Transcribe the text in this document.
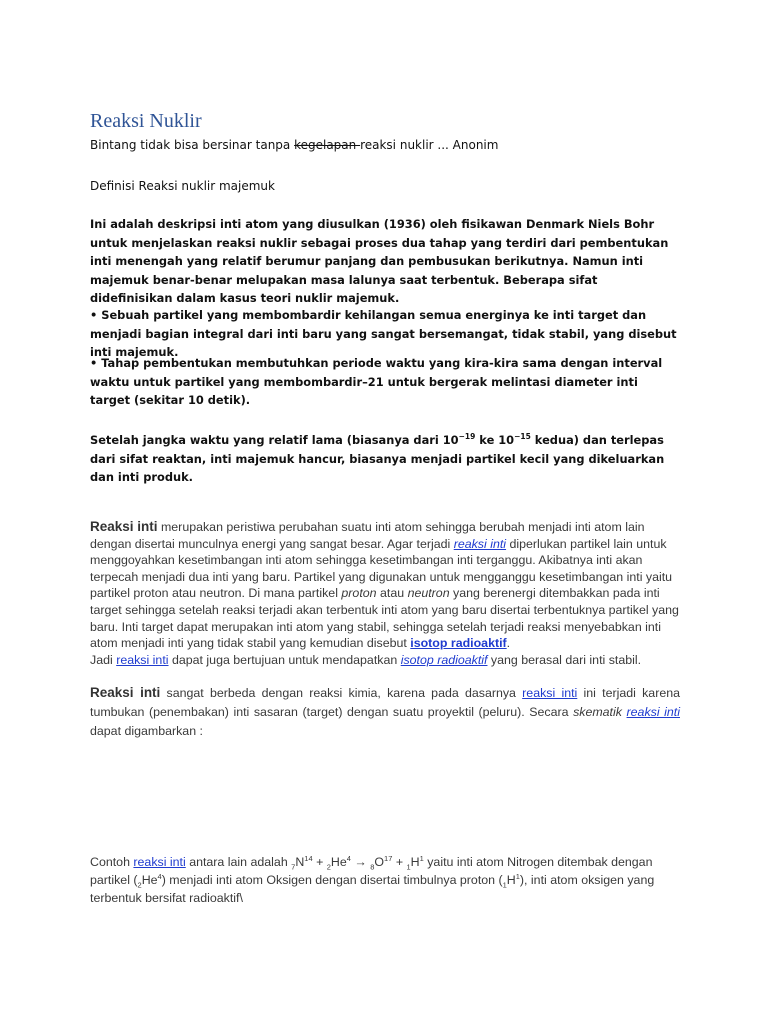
Reaksi Nuklir

Bintang tidak bisa bersinar tanpa kegelapan reaksi nuklir ... Anonim

Definisi Reaksi nuklir majemuk

Ini adalah deskripsi inti atom yang diusulkan (1936) oleh fisikawan Denmark Niels Bohr untuk menjelaskan reaksi nuklir sebagai proses dua tahap yang terdiri dari pembentukan inti menengah yang relatif berumur panjang dan pembusukan berikutnya. Namun inti majemuk benar-benar melupakan masa lalunya saat terbentuk. Beberapa sifat didefinisikan dalam kasus teori nuklir majemuk.

• Sebuah partikel yang membombardir kehilangan semua energinya ke inti target dan menjadi bagian integral dari inti baru yang sangat bersemangat, tidak stabil, yang disebut inti majemuk.

• Tahap pembentukan membutuhkan periode waktu yang kira-kira sama dengan interval waktu untuk partikel yang membombardir–21 untuk bergerak melintasi diameter inti target (sekitar 10 detik).

Setelah jangka waktu yang relatif lama (biasanya dari $10^{-19}$ ke $10^{-15}$ kedua) dan terlepas dari sifat reaktan, inti majemuk hancur, biasanya menjadi partikel kecil yang dikeluarkan dan inti produk.

Reaksi inti merupakan peristiwa perubahan suatu inti atom sehingga berubah menjadi inti atom lain dengan disertai munculnya energi yang sangat besar. Agar terjadi reaksi inti diperlukan partikel lain untuk menggoyahkan kesetimbangan inti atom sehingga kesetimbangan inti terganggu. Akibatnya inti akan terpecah menjadi dua inti yang baru. Partikel yang digunakan untuk mengganggu kesetimbangan inti yaitu partikel proton atau neutron. Di mana partikel proton atau neutron yang berenergi ditembakkan pada inti target sehingga setelah reaksi terjadi akan terbentuk inti atom yang baru disertai terbentuknya partikel yang baru. Inti target dapat merupakan inti atom yang stabil, sehingga setelah terjadi reaksi menyebabkan inti atom menjadi inti yang tidak stabil yang kemudian disebut isotop radioaktif.
Jadi reaksi inti dapat juga bertujuan untuk mendapatkan isotop radioaktif yang berasal dari inti stabil.

Reaksi inti sangat berbeda dengan reaksi kimia, karena pada dasarnya reaksi inti ini terjadi karena tumbukan (penembakan) inti sasaran (target) dengan suatu proyektil (peluru). Secara skematik reaksi inti dapat digambarkan :

Contoh reaksi inti antara lain adalah $_7N^{14} + _2He^4 \to _8O^{17} + _1H^1$ yaitu inti atom Nitrogen ditembak dengan partikel $(_2He^4)$ menjadi inti atom Oksigen dengan disertai timbulnya proton $(_1H^1)$, inti atom oksigen yang terbentuk bersifat radioaktif\
